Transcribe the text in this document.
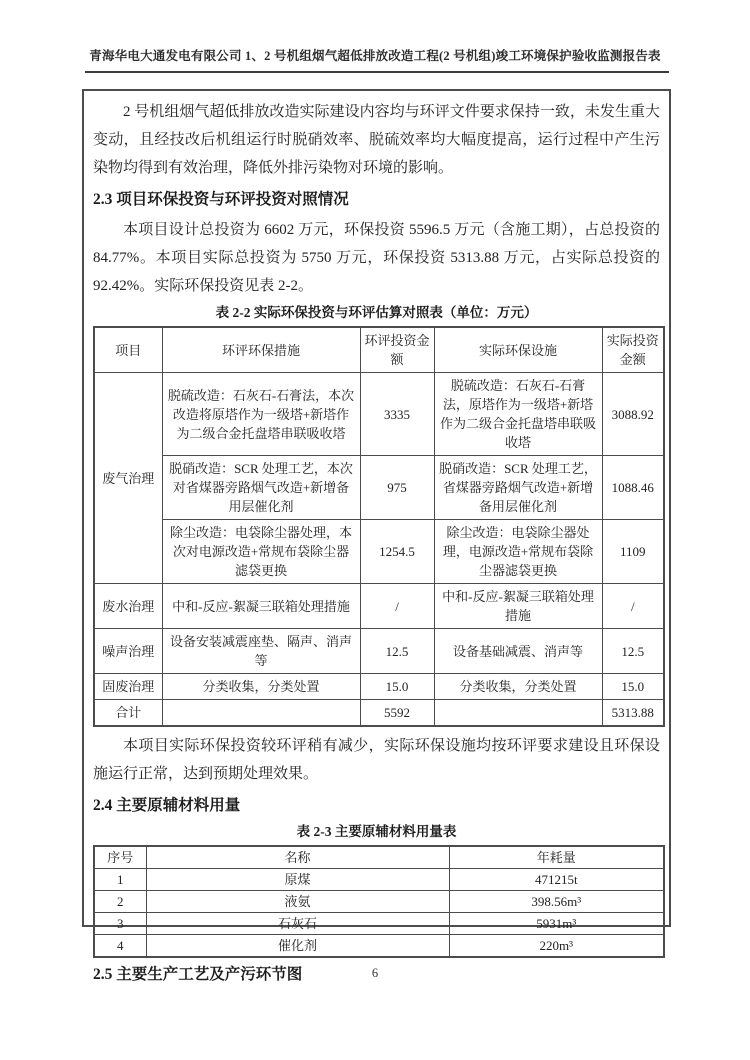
青海华电大通发电有限公司 1、2 号机组烟气超低排放改造工程(2 号机组)竣工环境保护验收监测报告表

2 号机组烟气超低排放改造实际建设内容均与环评文件要求保持一致，未发生重大变动，且经技改后机组运行时脱硝效率、脱硫效率均大幅度提高，运行过程中产生污染物均得到有效治理，降低外排污染物对环境的影响。

2.3 项目环保投资与环评投资对照情况

本项目设计总投资为 6602 万元，环保投资 5596.5 万元（含施工期），占总投资的 84.77%。本项目实际总投资为 5750 万元，环保投资 5313.88 万元，占实际总投资的 92.42%。实际环保投资见表 2-2。

表 2-2 实际环保投资与环评估算对照表（单位：万元）
项目	环评环保措施	环评投资金额	实际环保设施	实际投资金额
废气治理	脱硫改造：石灰石-石膏法，本次改造将原塔作为一级塔+新塔作为二级合金托盘塔串联吸收塔	3335	脱硫改造：石灰石-石膏法，原塔作为一级塔+新塔作为二级合金托盘塔串联吸收塔	3088.92
	脱硝改造：SCR 处理工艺，本次对省煤器旁路烟气改造+新增备用层催化剂	975	脱硝改造：SCR 处理工艺，省煤器旁路烟气改造+新增备用层催化剂	1088.46
	除尘改造：电袋除尘器处理，本次对电源改造+常规布袋除尘器滤袋更换	1254.5	除尘改造：电袋除尘器处理，电源改造+常规布袋除尘器滤袋更换	1109
废水治理	中和-反应-絮凝三联箱处理措施	/	中和-反应-絮凝三联箱处理措施	/
噪声治理	设备安装减震座垫、隔声、消声等	12.5	设备基础减震、消声等	12.5
固废治理	分类收集，分类处置	15.0	分类收集，分类处置	15.0
合计		5592		5313.88

本项目实际环保投资较环评稍有减少，实际环保设施均按环评要求建设且环保设施运行正常，达到预期处理效果。

2.4 主要原辅材料用量
表 2-3 主要原辅材料用量表
序号	名称	年耗量
1	原煤	471215t
2	液氨	398.56m³
3	石灰石	5931m³
4	催化剂	220m³
2.5 主要生产工艺及产污环节图	6
